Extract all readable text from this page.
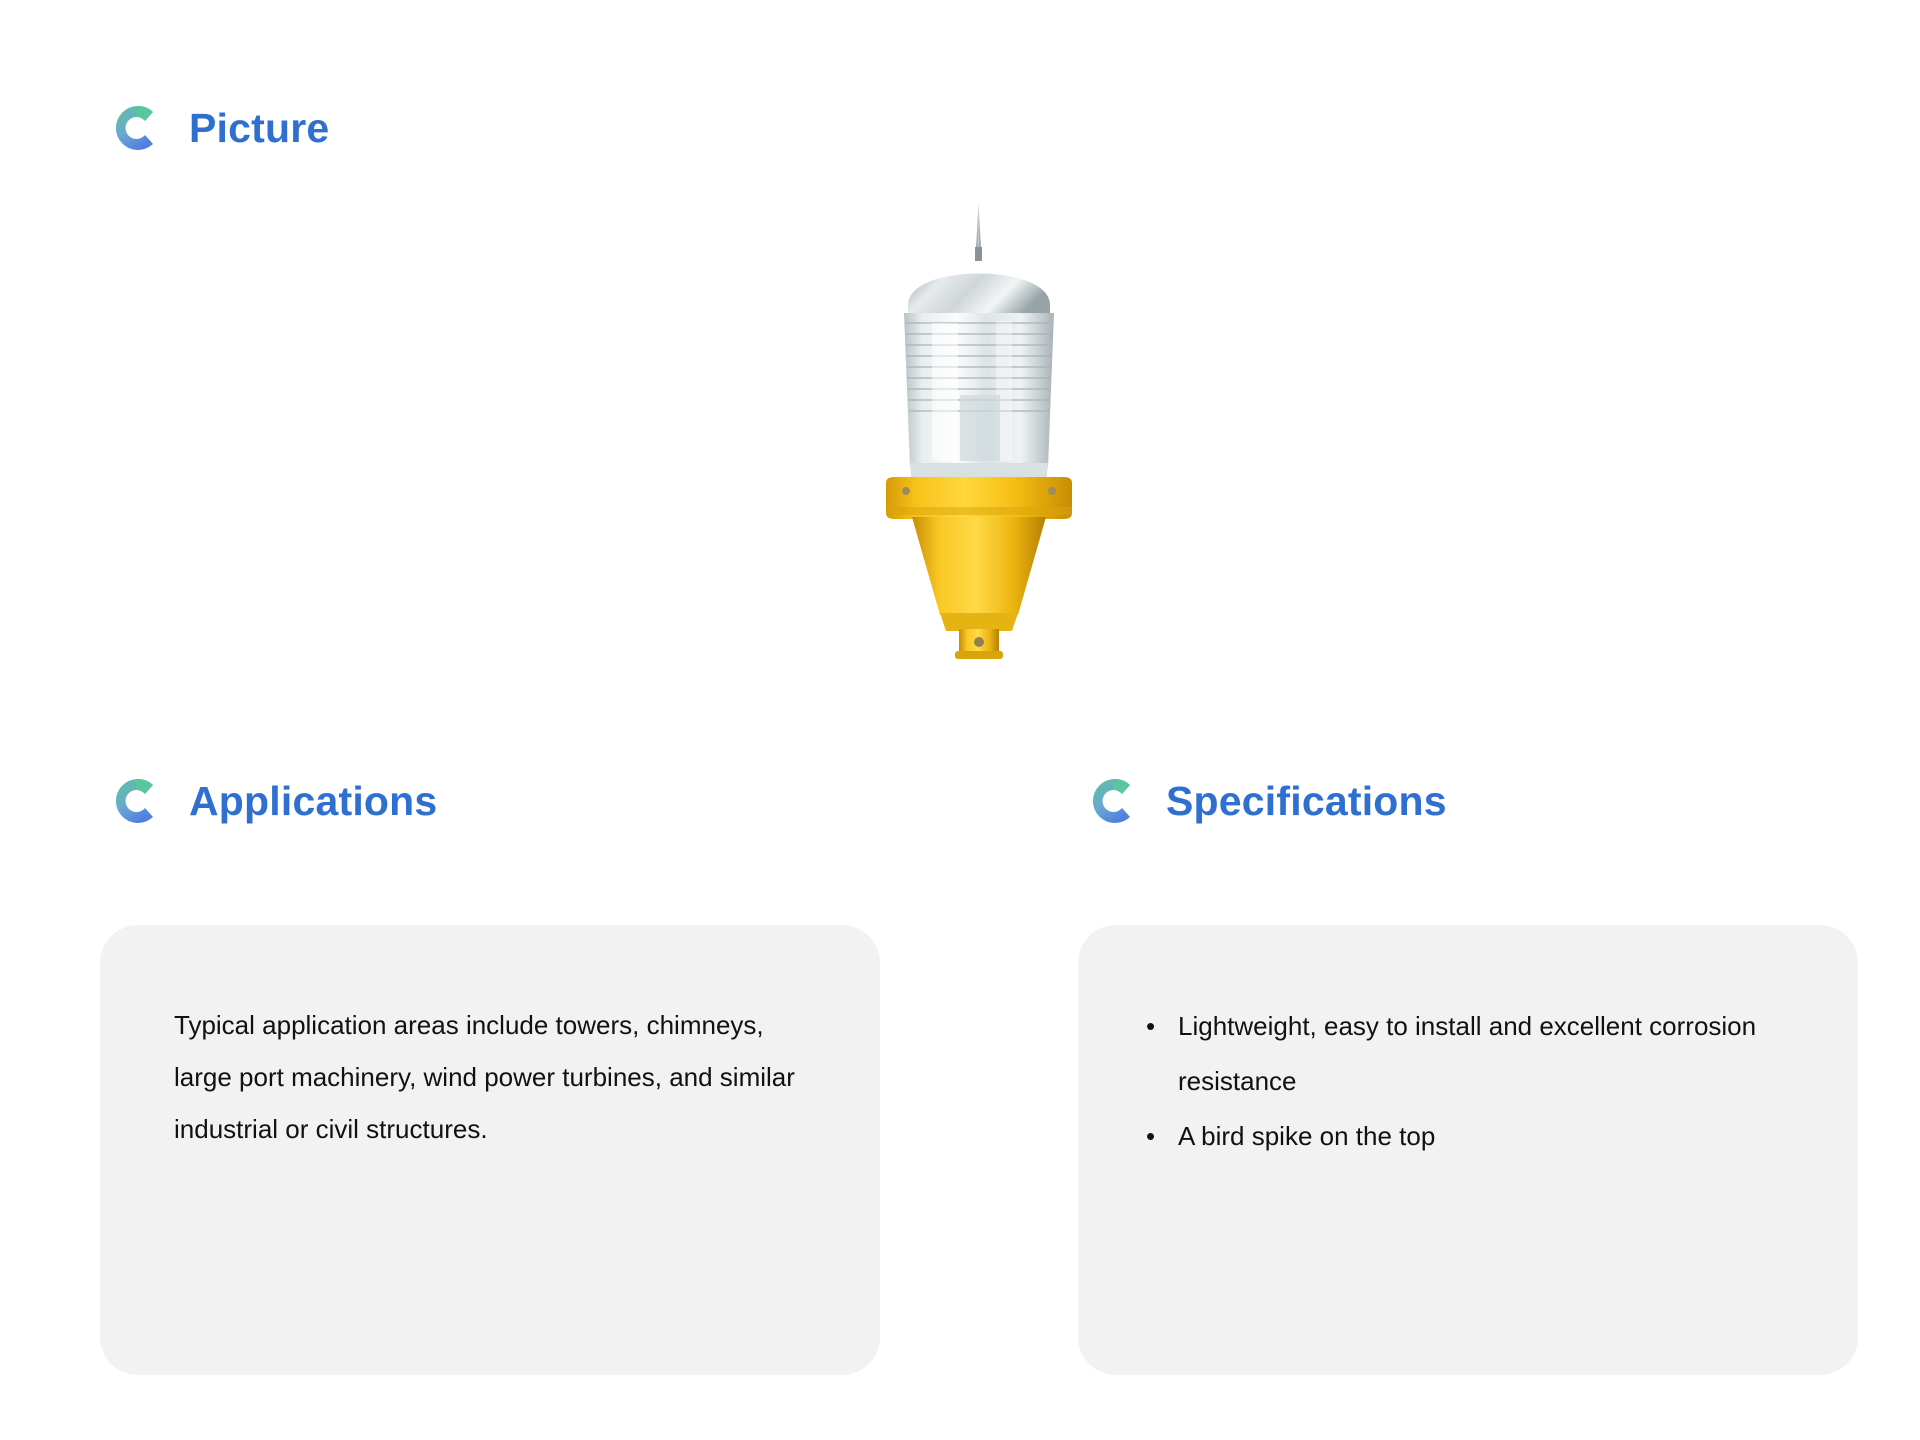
Picture
Applications

Typical application areas include towers, chimneys, large port machinery, wind power turbines, and similar industrial or civil structures.

Specifications
• Lightweight, easy to install and excellent corrosion resistance
• A bird spike on the top
